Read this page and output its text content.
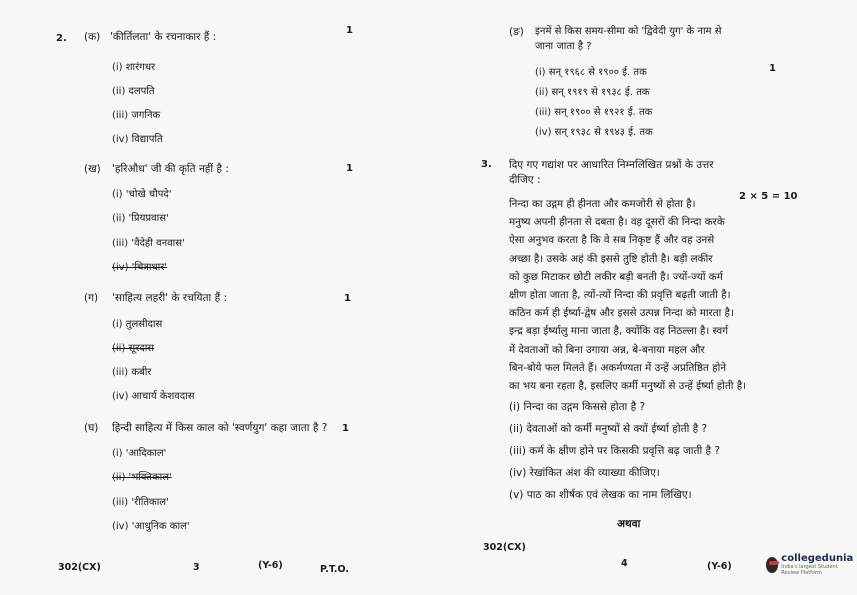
2. (क) 'कीर्तिलता' के रचनाकार हैं :
1
(i) शारंगधर
(ii) दलपति
(iii) जगनिक
(iv) विद्यापति
(ख) 'हरिऔध' जी की कृति नहीं है :	1
(i) 'चोखे चौपदे'
(ii) 'प्रियप्रवास'
(iii) 'वैदेही वनवास'
(iv) 'चित्राधार'
(ग) 'साहित्य लहरी' के रचयिता हैं :	1
(i) तुलसीदास
(ii) सूरदास
(iii) कबीर
(iv) आचार्य केशवदास
(घ) हिन्दी साहित्य में किस काल को 'स्वर्णयुग' कहा जाता है ? 1
(i) 'आदिकाल'
(ii) 'भक्तिकाल'
(iii) 'रीतिकाल'
(iv) 'आधुनिक काल'
302(CX)	3	(Y-6)	P.T.O.
(ङ) इनमें से किस समय-सीमा को 'द्विवेदी युग' के नाम से
जाना जाता है ?
1
(i) सन् १९६८ से १९०० ई. तक
(ii) सन् १९१९ से १९३८ ई. तक
(iii) सन् १९०० से १९२१ ई. तक
(iv) सन् १९३८ से १९४३ ई. तक
3. दिए गए गद्यांश पर आधारित निम्नलिखित प्रश्नों के उत्तर
दीजिए :
2 × 5 = 10
निन्दा का उद्गम ही हीनता और कमजोरी से होता है।
मनुष्य अपनी हीनता से दबता है। वह दूसरों की निन्दा करके
ऐसा अनुभव करता है कि वे सब निकृष्ट हैं और वह उनसे
अच्छा है। उसके अहं की इससे तुष्टि होती है। बड़ी लकीर
को कुछ मिटाकर छोटी लकीर बड़ी बनती है। ज्यों-ज्यों कर्म
क्षीण होता जाता है, त्यों-त्यों निन्दा की प्रवृत्ति बढ़ती जाती है।
कठिन कर्म ही ईर्ष्या-द्वेष और इससे उत्पन्न निन्दा को मारता है।
इन्द्र बड़ा ईर्ष्यालु माना जाता है, क्योंकि वह निठल्ला है। स्वर्ग
में देवताओं को बिना उगाया अन्न, बे-बनाया महल और
बिन-बोये फल मिलते हैं। अकर्मण्यता में उन्हें अप्रतिष्ठित होने
का भय बना रहता है, इसलिए कर्मी मनुष्यों से उन्हें ईर्ष्या होती है।
(i) निन्दा का उद्गम किससे होता है ?
(ii) देवताओं को कर्मी मनुष्यों से क्यों ईर्ष्या होती है ?
(iii) कर्म के क्षीण होने पर किसकी प्रवृत्ति बढ़ जाती है ?
(iv) रेखांकित अंश की व्याख्या कीजिए।
(v) पाठ का शीर्षक एवं लेखक का नाम लिखिए।
अथवा
302(CX)
4	(Y-6)
collegedunia
India's largest Student Review Platform
